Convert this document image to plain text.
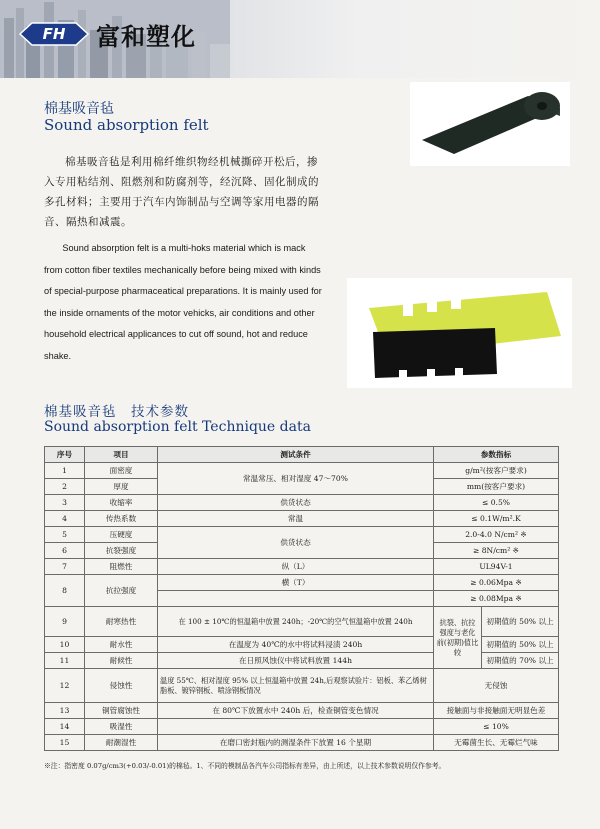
FH	富和塑化
棉基吸音毡
Sound absorption felt
棉基吸音毡是利用棉纤维织物经机械撕碎开松后，掺入专用粘结剂、阻燃剂和防腐剂等，经沉降、固化制成的多孔材料；主要用于汽车内饰制品与空调等家用电器的隔音、隔热和减震。
Sound absorption felt is a multi-hoks material which is mack from cotton fiber textiles mechanically before being mixed with kinds of special-purpose pharmaceatical preparations. It is mainly used for the inside ornaments of the motor vehicks, air conditions and other household electrical applicances to cut off sound, hot and reduce shake.
棉基吸音毡　技术参数
Sound absorption felt Technique data
序号	项目	测试条件	参数指标	
1	面密度	常温常压、相对湿度 47～70%	g/m²(按客户要求)	
2	厚度		mm(按客户要求)	
3	收缩率	供货状态	≤ 0.5%	
4	传热系数	常温	≤ 0.1W/m².K	
5	压硬度	供货状态	2.0-4.0 N/cm² ※	
6	抗裂强度		≥ 8N/cm² ※	
7	阻燃性	纵（L）	UL94V-1	
8	抗拉强度	横（T）	≥ 0.06Mpa ※	
			≥ 0.08Mpa ※	
9	耐寒热性	在 100 ± 10℃的恒温箱中放置 240h；-20℃的空气恒温箱中放置 240h	抗裂、抗拉强度与老化前(初期)值比较	初期值的 50% 以上
10	耐水性	在温度为 40℃的水中将试料浸渍 240h		初期值的 50% 以上
11	耐候性	在日照风蚀仪中将试料放置 144h		初期值的 70% 以上
12	侵蚀性	温度 55℃、相对湿度 95% 以上恒温箱中放置 24h,后观察试验片：铝板、苯乙烯树脂板、镀锌钢板、喷涂钢板情况	无侵蚀	
13	铜管腐蚀性	在 80℃下放置水中 240h 后，检查铜管变色情况	接触面与非接触面无明显色差	
14	吸湿性		≤ 10%	
15	耐潮湿性	在磨口密封瓶内的测湿条件下放置 16 个星期	无霉菌生长、无霉烂气味	
※注：指密度 0.07g/cm3(+0.03/-0.01)的棉毡。1、不同的模制品各汽车公司指标有差异，由上所述，以上技术参数说明仅作参考。
